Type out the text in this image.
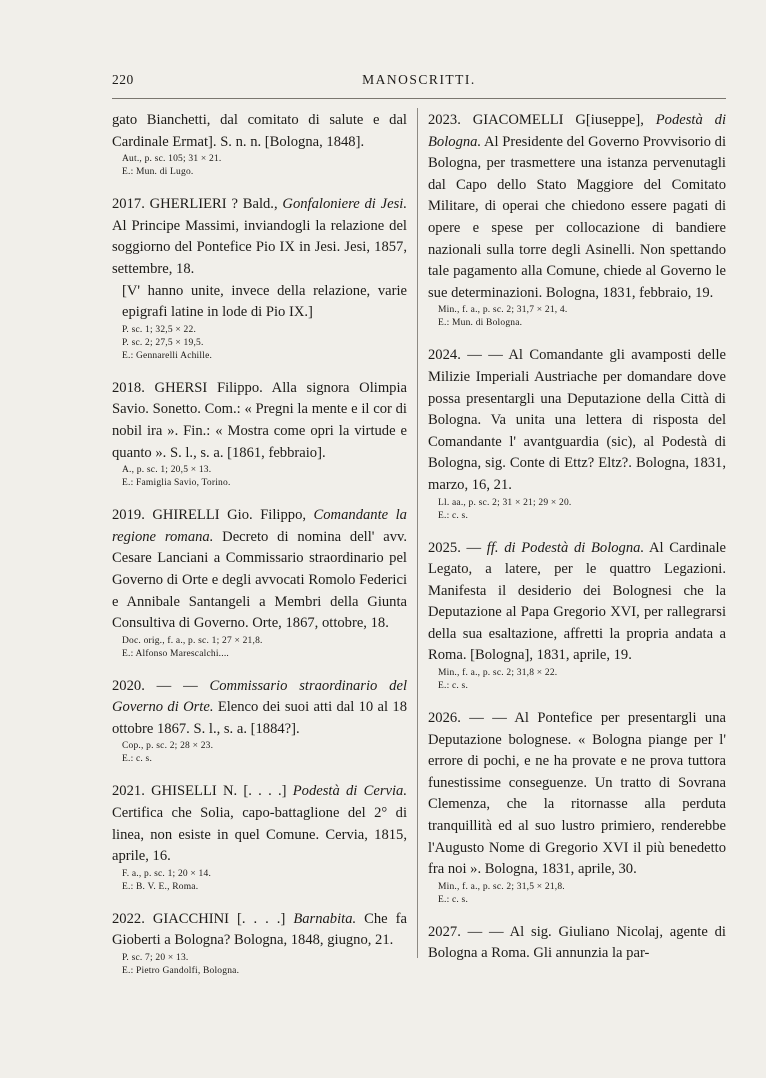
220	MANOSCRITTI.
gato Bianchetti, dal comitato di salute e dal Cardinale Ermat]. S. n. n. [Bologna, 1848].
Aut., p. sc. 105; 31 × 21.
E.: Mun. di Lugo.
2017. GHERLIERI ? Bald., Gonfaloniere di Jesi. Al Principe Massimi, inviandogli la relazione del soggiorno del Pontefice Pio IX in Jesi. Jesi, 1857, settembre, 18.
[V' hanno unite, invece della relazione, varie epigrafi latine in lode di Pio IX.]
P. sc. 1; 32,5 × 22.
P. sc. 2; 27,5 × 19,5.
E.: Gennarelli Achille.
2018. GHERSI Filippo. Alla signora Olimpia Savio. Sonetto. Com.: « Pregni la mente e il cor di nobil ira ». Fin.: « Mostra come opri la virtude e quanto ». S. l., s. a. [1861, febbraio].
A., p. sc. 1; 20,5 × 13.
E.: Famiglia Savio, Torino.
2019. GHIRELLI Gio. Filippo, Comandante la regione romana. Decreto di nomina dell' avv. Cesare Lanciani a Commissario straordinario pel Governo di Orte e degli avvocati Romolo Federici e Annibale Santangeli a Membri della Giunta Consultiva di Governo. Orte, 1867, ottobre, 18.
Doc. orig., f. a., p. sc. 1; 27 × 21,8.
E.: Alfonso Marescalchi....
2020. — — Commissario straordinario del Governo di Orte. Elenco dei suoi atti dal 10 al 18 ottobre 1867. S. l., s. a. [1884?].
Cop., p. sc. 2; 28 × 23.
E.: c. s.
2021. GHISELLI N. [. . . .] Podestà di Cervia. Certifica che Solia, capo-battaglione del 2° di linea, non esiste in quel Comune. Cervia, 1815, aprile, 16.
F. a., p. sc. 1; 20 × 14.
E.: B. V. E., Roma.
2022. GIACCHINI [. . . .] Barnabita. Che fa Gioberti a Bologna? Bologna, 1848, giugno, 21.
P. sc. 7; 20 × 13.
E.: Pietro Gandolfi, Bologna.
2023. GIACOMELLI G[iuseppe], Podestà di Bologna. Al Presidente del Governo Provvisorio di Bologna, per trasmettere una istanza pervenutagli dal Capo dello Stato Maggiore del Comitato Militare, di operai che chiedono essere pagati di opere e spese per collocazione di bandiere nazionali sulla torre degli Asinelli. Non spettando tale pagamento alla Comune, chiede al Governo le sue determinazioni. Bologna, 1831, febbraio, 19.
Min., f. a., p. sc. 2; 31,7 × 21, 4.
E.: Mun. di Bologna.
2024. — — Al Comandante gli avamposti delle Milizie Imperiali Austriache per domandare dove possa presentargli una Deputazione della Città di Bologna. Va unita una lettera di risposta del Comandante l' avantguardia (sic), al Podestà di Bologna, sig. Conte di Ettz? Eltz?. Bologna, 1831, marzo, 16, 21.
Ll. aa., p. sc. 2; 31 × 21; 29 × 20.
E.: c. s.
2025. — ff. di Podestà di Bologna. Al Cardinale Legato, a latere, per le quattro Legazioni. Manifesta il desiderio dei Bolognesi che la Deputazione al Papa Gregorio XVI, per rallegrarsi della sua esaltazione, affretti la propria andata a Roma. [Bologna], 1831, aprile, 19.
Min., f. a., p. sc. 2; 31,8 × 22.
E.: c. s.
2026. — — Al Pontefice per presentargli una Deputazione bolognese. « Bologna piange per l' errore di pochi, e ne ha provate e ne prova tuttora funestissime conseguenze. Un tratto di Sovrana Clemenza, che la ritornasse alla perduta tranquillità ed al suo lustro primiero, renderebbe l'Augusto Nome di Gregorio XVI il più benedetto fra noi ». Bologna, 1831, aprile, 30.
Min., f. a., p. sc. 2; 31,5 × 21,8.
E.: c. s.
2027. — — Al sig. Giuliano Nicolaj, agente di Bologna a Roma. Gli annunzia la par-
